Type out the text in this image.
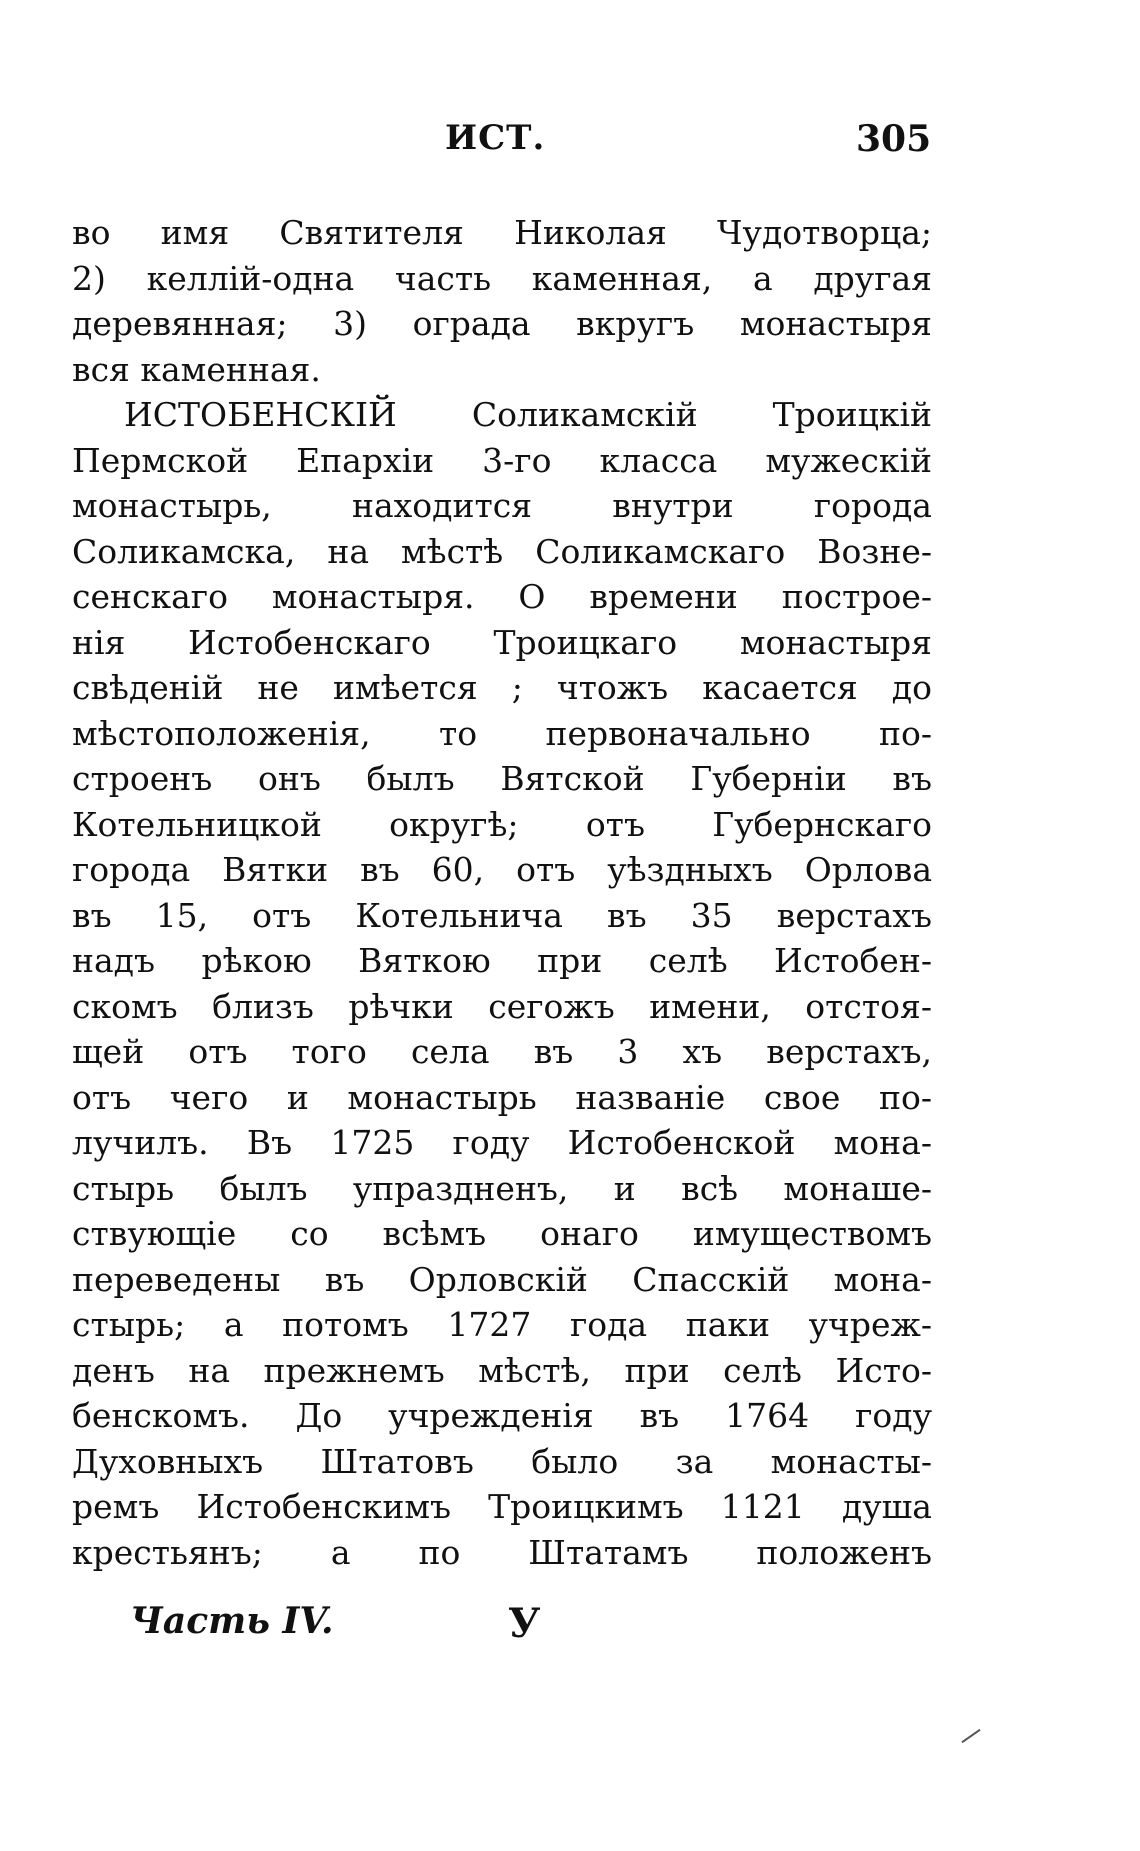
ИСТ.	305
во имя Святителя Николая Чудотворца;
2) келлiй-одна часть каменная, а другая
деревянная; 3) ограда вкругъ монастыря
вся каменная.
ИСТОБЕНСКIЙ Соликамскiй Троицкiй
Пермской Епархiи 3-го класса мужескiй
монастырь, находится внутри города
Соликамска, на мѣстѣ Соликамскаго Возне-
сенскаго монастыря. О времени построе-
нiя Истобенскаго Троицкаго монастыря
свѣденiй не имѣется ; чтожъ касается до
мѣстоположенiя, то первоначально по-
строенъ онъ былъ Вятской Губернiи въ
Котельницкой округѣ; отъ Губернскаго
города Вятки въ 60, отъ уѣздныхъ Орлова
въ 15, отъ Котельнича въ 35 верстахъ
надъ рѣкою Вяткою при селѣ Истобен-
скомъ близъ рѣчки сегожъ имени, отстоя-
щей отъ того села въ 3 хъ верстахъ,
отъ чего и монастырь названiе свое по-
лучилъ. Въ 1725 году Истобенской мона-
стырь былъ упраздненъ, и всѣ монаше-
ствующiе со всѣмъ онаго имуществомъ
переведены въ Орловскiй Спасскiй мона-
стырь; а потомъ 1727 года паки учреж-
денъ на прежнемъ мѣстѣ, при селѣ Исто-
бенскомъ. До учрежденiя въ 1764 году
Духовныхъ Штатовъ было за монасты-
ремъ Истобенскимъ Троицкимъ 1121 душа
крестьянъ; а по Штатамъ положенъ
Часть IV.	У
